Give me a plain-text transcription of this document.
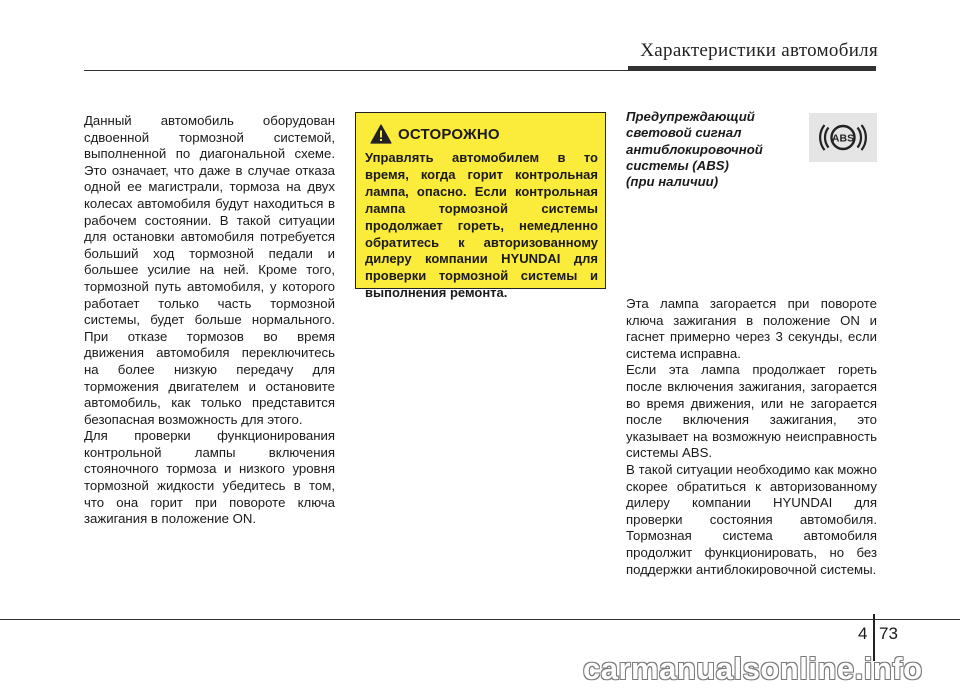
Характеристики автомобиля

Данный автомобиль оборудован сдвоенной тормозной системой, выполненной по диагональной схеме. Это означает, что даже в случае отказа одной ее магистрали, тормоза на двух колесах автомобиля будут находиться в рабочем состоянии. В такой ситуации для остановки автомобиля потребуется больший ход тормозной педали и большее усилие на ней. Кроме того, тормозной путь автомобиля, у которого работает только часть тормозной системы, будет больше нормального. При отказе тормозов во время движения автомобиля переключитесь на более низкую передачу для торможения двигателем и остановите автомобиль, как только представится безопасная возможность для этого.

Для проверки функционирования контрольной лампы включения стояночного тормоза и низкого уровня тормозной жидкости убедитесь в том, что она горит при повороте ключа зажигания в положение ON.

ОСТОРОЖНО
Управлять автомобилем в то время, когда горит контрольная лампа, опасно. Если контрольная лампа тормозной системы продолжает гореть, немедленно обратитесь к авторизованному дилеру компании HYUNDAI для проверки тормозной системы и выполнения ремонта.
Предупреждающий
световой сигнал
антиблокировочной
системы (ABS)
(при наличии)
ABS

Эта лампа загорается при повороте ключа зажигания в положение ON и гаснет примерно через 3 секунды, если система исправна.

Если эта лампа продолжает гореть после включения зажигания, загорается во время движения, или не загорается после включения зажигания, это указывает на возможную неисправность системы ABS.

В такой ситуации необходимо как можно скорее обратиться к авторизованному дилеру компании HYUNDAI для проверки состояния автомобиля. Тормозная система автомобиля продолжит функционировать, но без поддержки антиблокировочной системы.

4 73
carmanualsonline.info
